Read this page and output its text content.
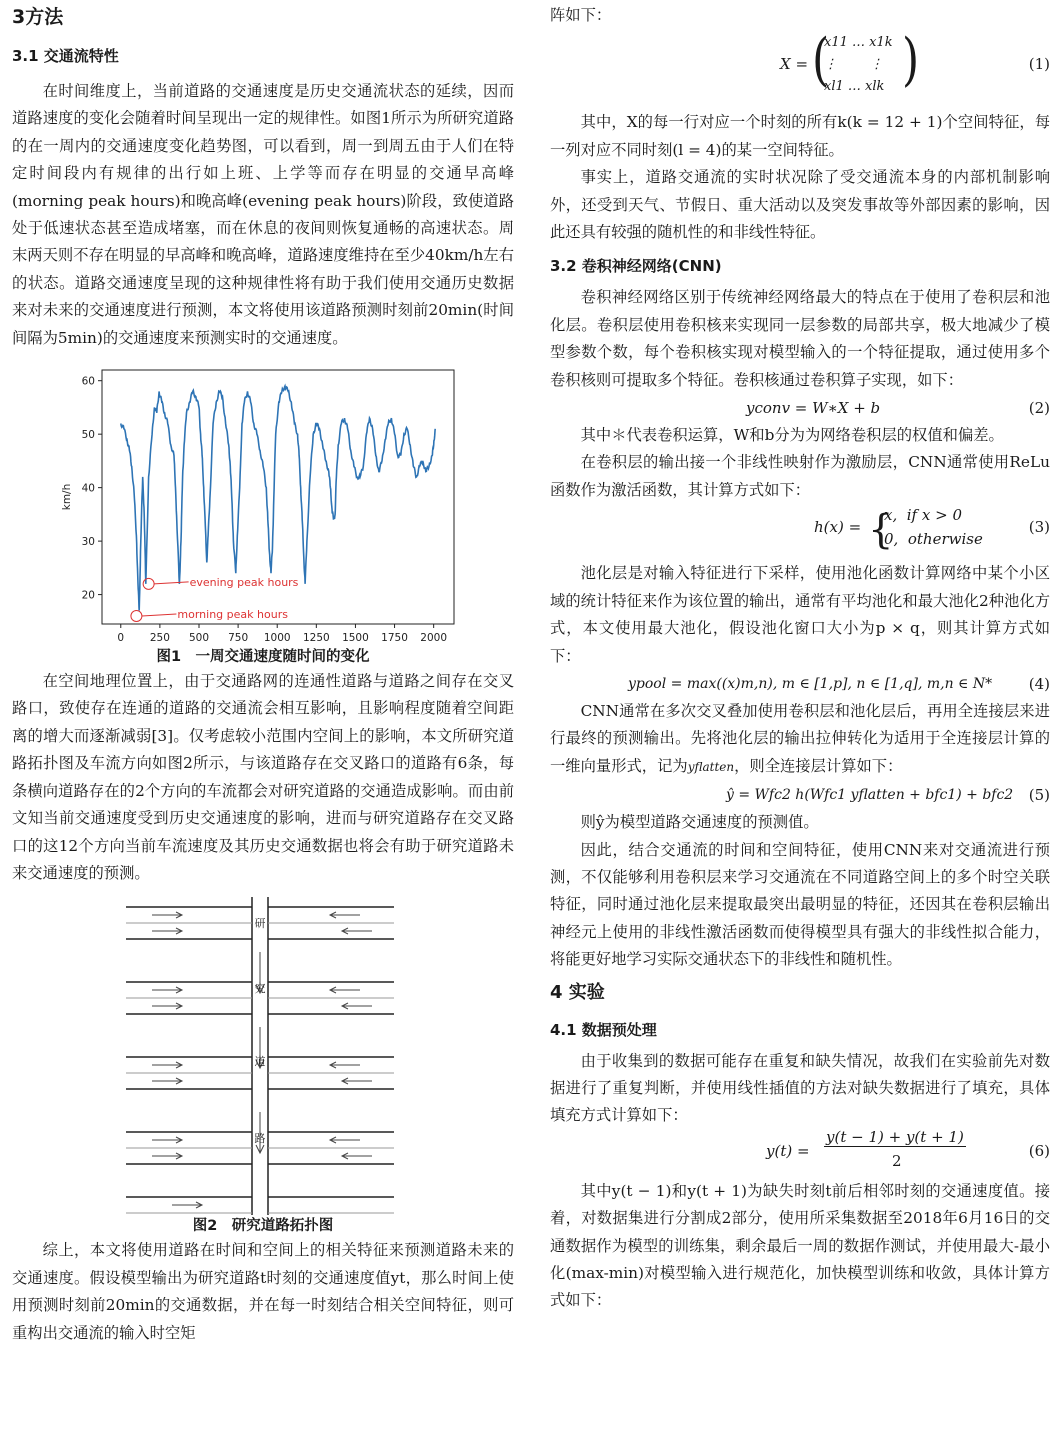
3方法
3.1 交通流特性

在时间维度上，当前道路的交通速度是历史交通流状态的延续，因而道路速度的变化会随着时间呈现出一定的规律性。如图1所示为所研究道路的在一周内的交通速度变化趋势图，可以看到，周一到周五由于人们在特定时间段内有规律的出行如上班、上学等而存在明显的交通早高峰(morning peak hours)和晚高峰(evening peak hours)阶段，致使道路处于低速状态甚至造成堵塞，而在休息的夜间则恢复通畅的高速状态。周末两天则不存在明显的早高峰和晚高峰，道路速度维持在至少40km/h左右的状态。道路交通速度呈现的这种规律性将有助于我们使用交通历史数据来对未来的交通速度进行预测，本文将使用该道路预测时刻前20min(时间间隔为5min)的交通速度来预测实时的交通速度。

0 250 500 750 1000 1250 1500 1750 2000
20
30
40
50
60
km/h
evening peak hours
morning peak hours
图1　一周交通速度随时间的变化

在空间地理位置上，由于交通路网的连通性道路与道路之间存在交叉路口，致使存在连通的道路的交通流会相互影响，且影响程度随着空间距离的增大而逐渐减弱[3]。仅考虑较小范围内空间上的影响，本文所研究道路拓扑图及车流方向如图2所示，与该道路存在交叉路口的道路有6条，每条横向道路存在的2个方向的车流都会对研究道路的交通造成影响。而由前文知当前交通速度受到历史交通速度的影响，进而与研究道路存在交叉路口的这12个方向当前车流速度及其历史交通数据也将会有助于研究道路未来交通速度的预测。

研
究
道
路
图2　研究道路拓扑图

综上，本文将使用道路在时间和空间上的相关特征来预测道路未来的交通速度。假设模型输出为研究道路t时刻的交通速度值yt，那么时间上使用预测时刻前20min的交通数据，并在每一时刻结合相关空间特征，则可重构出交通流的输入时空矩

阵如下：

X = (
x11 … x1k
⋮        ⋮
xl1 … xlk )	(1)

其中，X的每一行对应一个时刻的所有k(k = 12 + 1)个空间特征，每一列对应不同时刻(l = 4)的某一空间特征。

事实上，道路交通流的实时状况除了受交通流本身的内部机制影响外，还受到天气、节假日、重大活动以及突发事故等外部因素的影响，因此还具有较强的随机性的和非线性特征。

3.2 卷积神经网络(CNN)

卷积神经网络区别于传统神经网络最大的特点在于使用了卷积层和池化层。卷积层使用卷积核来实现同一层参数的局部共享，极大地减少了模型参数个数，每个卷积核实现对模型输入的一个特征提取，通过使用多个卷积核则可提取多个特征。卷积核通过卷积算子实现，如下：

yconv = W∗X + b	(2)

其中＊代表卷积运算，W和b分为为网络卷积层的权值和偏差。

在卷积层的输出接一个非线性映射作为激励层，CNN通常使用ReLu函数作为激活函数，其计算方式如下：

h(x) = {
x,  if x > 0
0,  otherwise
(3)

池化层是对输入特征进行下采样，使用池化函数计算网络中某个小区域的统计特征来作为该位置的输出，通常有平均池化和最大池化2种池化方式，本文使用最大池化，假设池化窗口大小为p × q，则其计算方式如下：

ypool = max((x)m,n), m ∈ [1,p], n ∈ [1,q], m,n ∈ N* (4)

CNN通常在多次交叉叠加使用卷积层和池化层后，再用全连接层来进行最终的预测输出。先将池化层的输出拉伸转化为适用于全连接层计算的一维向量形式，记为yflatten，则全连接层计算如下：

ŷ = Wfc2 h(Wfc1 yflatten + bfc1) + bfc2 (5)

则ŷ为模型道路交通速度的预测值。

因此，结合交通流的时间和空间特征，使用CNN来对交通流进行预测，不仅能够利用卷积层来学习交通流在不同道路空间上的多个时空关联特征，同时通过池化层来提取最突出最明显的特征，还因其在卷积层输出神经元上使用的非线性激活函数而使得模型具有强大的非线性拟合能力，将能更好地学习实际交通状态下的非线性和随机性。

4 实验
4.1 数据预处理

由于收集到的数据可能存在重复和缺失情况，故我们在实验前先对数据进行了重复判断，并使用线性插值的方法对缺失数据进行了填充，具体填充方式计算如下：

y(t) =
y(t − 1) + y(t + 1)
2
(6)

其中y(t − 1)和y(t + 1)为缺失时刻t前后相邻时刻的交通速度值。接着，对数据集进行分割成2部分，使用所采集数据至2018年6月16日的交通数据作为模型的训练集，剩余最后一周的数据作测试，并使用最大-最小化(max-min)对模型输入进行规范化，加快模型训练和收敛，具体计算方式如下：
